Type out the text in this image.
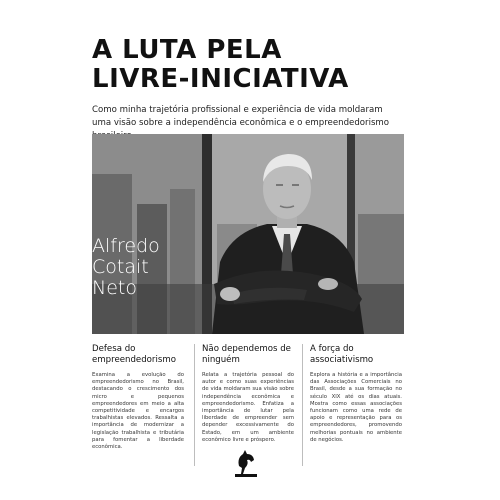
A LUTA PELA
LIVRE-INICIATIVA
Como minha trajetória profissional e experiência de vida moldaram uma visão sobre a independência econômica e o empreendedorismo
Alfredo
Cotait
Neto
Defesa do empreendedorismo

Examina a evolução do empreendedorismo no Brasil, destacando o crescimento dos micro e pequenos empreendedores em meio a alta competitividade e encargos trabalhistas elevados. Ressalta a importância de modernizar a legislação trabalhista e tributária para fomentar a liberdade econômica.

Não dependemos de ninguém

Relata a trajetória pessoal do autor e como suas experiências de vida moldaram sua visão sobre independência econômica e empreendedorismo. Enfatiza a importância de lutar pela liberdade de empreender sem depender excessivamente do Estado, em um ambiente econômico livre e próspero.

A força do associativismo

Explora a história e a importância das Associações Comerciais no Brasil, desde a sua formação no século XIX até os dias atuais. Mostra como essas associações funcionam como uma rede de apoio e representação para os empreendedores, promovendo melhorias pontuais no ambiente de negócios.
